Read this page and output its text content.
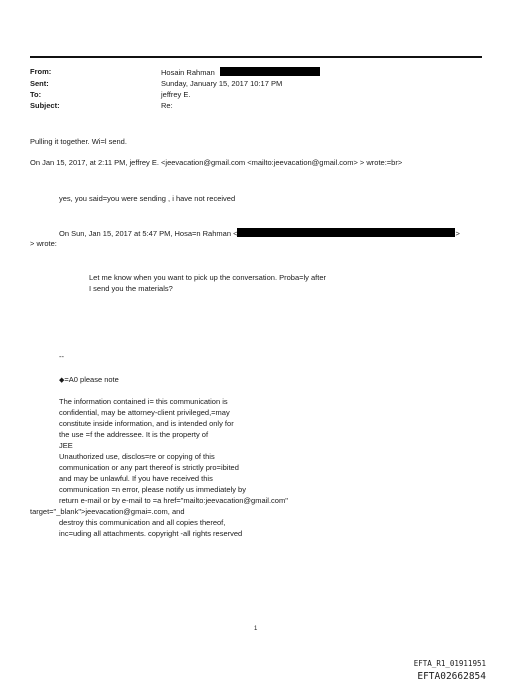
From:	Hosain Rahman
Sent:	Sunday, January 15, 2017 10:17 PM
To:	jeffrey E.
Subject:	Re:
Pulling it together. Wi=l send.
On Jan 15, 2017, at 2:11 PM, jeffrey E. <jeevacation@gmail.com <mailto:jeevacation@gmail.com> > wrote:=br>
yes, you said=you were sending , i have not received
On Sun, Jan 15, 2017 at 5:47 PM, Hosa=n Rahman <	>
> wrote:
Let me know when you want to pick up the conversation. Proba=ly after
I send you the materials?
--
◆=A0 please note
The information contained i= this communication is
confidential, may be attorney-client privileged,=may
constitute inside information, and is intended only for
the use =f the addressee. It is the property of
JEE
Unauthorized use, disclos=re or copying of this
communication or any part thereof is strictly pro=ibited
and may be unlawful. If you have received this
communication =n error, please notify us immediately by
return e-mail or by e-mail to =a href="mailto:jeevacation@gmail.com"
target="_blank">jeevacation@gmai=.com, and
destroy this communication and all copies thereof,
inc=uding all attachments. copyright -all rights reserved
1
EFTA_R1_01911951
EFTA02662854
